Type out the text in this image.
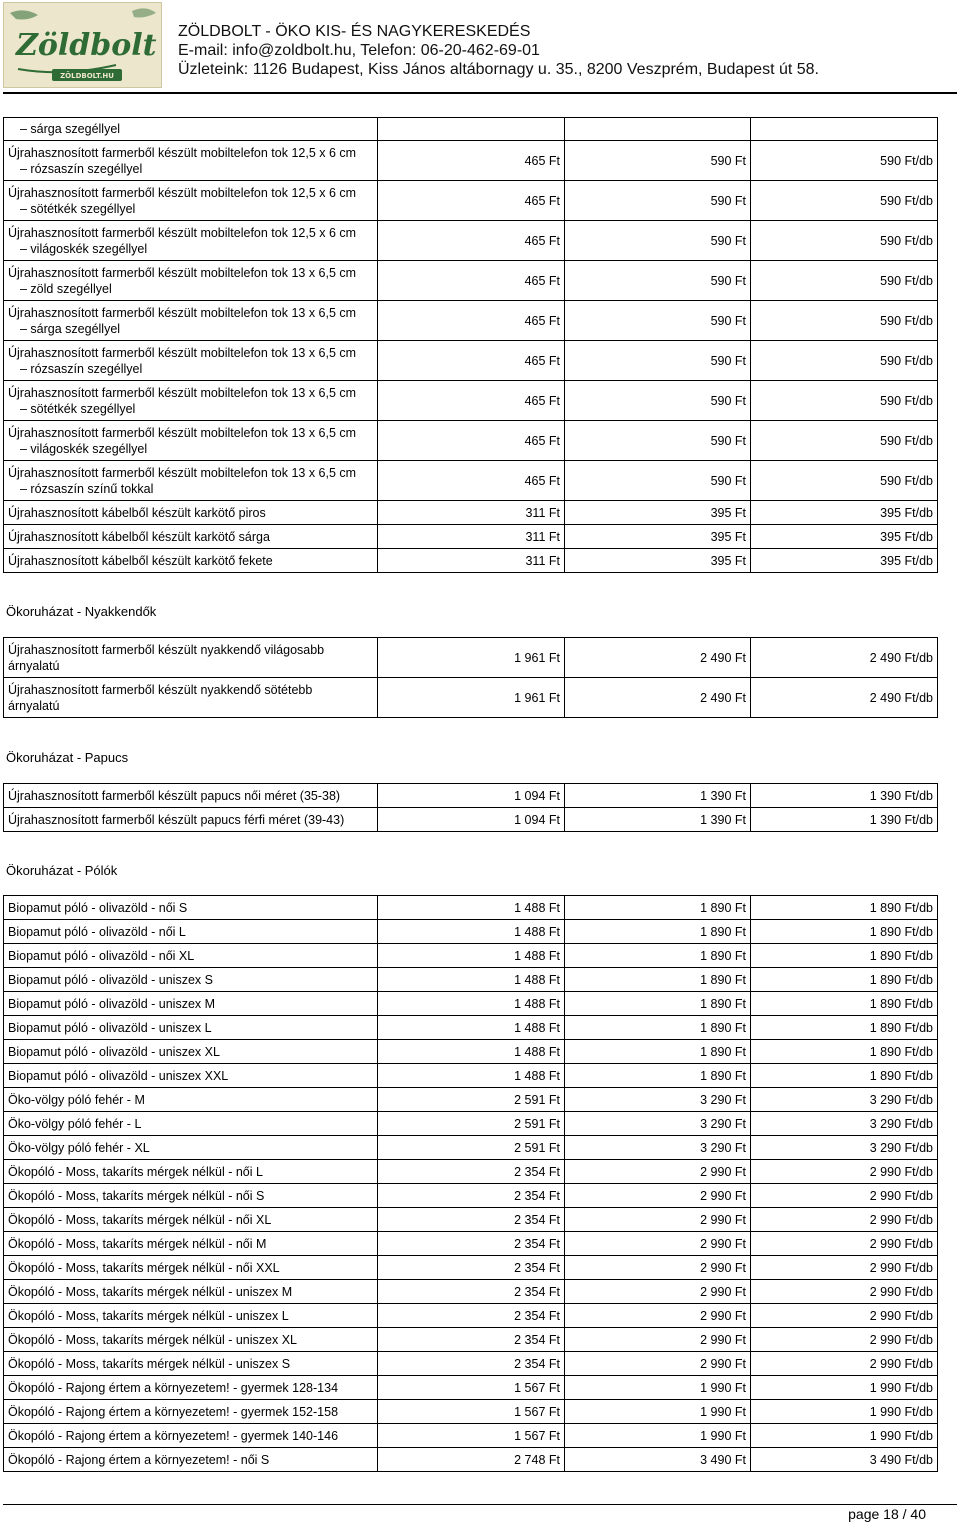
Zöldbolt
ZÖLDBOLT.HU
ZÖLDBOLT - ÖKO KIS- ÉS NAGYKERESKEDÉS
E-mail: info@zoldbolt.hu, Telefon: 06-20-462-69-01
Üzleteink: 1126 Budapest, Kiss János altábornagy u. 35., 8200 Veszprém, Budapest út 58.
– sárga szegéllyel			

Újrahasznosított farmerből készült mobiltelefon tok 12,5 x 6 cm
– rózsaszín szegéllyel	465 Ft	590 Ft	590 Ft/db

Újrahasznosított farmerből készült mobiltelefon tok 12,5 x 6 cm
– sötétkék szegéllyel	465 Ft	590 Ft	590 Ft/db

Újrahasznosított farmerből készült mobiltelefon tok 12,5 x 6 cm
– világoskék szegéllyel	465 Ft	590 Ft	590 Ft/db

Újrahasznosított farmerből készült mobiltelefon tok 13 x 6,5 cm
– zöld szegéllyel	465 Ft	590 Ft	590 Ft/db

Újrahasznosított farmerből készült mobiltelefon tok 13 x 6,5 cm
– sárga szegéllyel	465 Ft	590 Ft	590 Ft/db

Újrahasznosított farmerből készült mobiltelefon tok 13 x 6,5 cm
– rózsaszín szegéllyel	465 Ft	590 Ft	590 Ft/db

Újrahasznosított farmerből készült mobiltelefon tok 13 x 6,5 cm
– sötétkék szegéllyel	465 Ft	590 Ft	590 Ft/db

Újrahasznosított farmerből készült mobiltelefon tok 13 x 6,5 cm
– világoskék szegéllyel	465 Ft	590 Ft	590 Ft/db

Újrahasznosított farmerből készült mobiltelefon tok 13 x 6,5 cm
– rózsaszín színű tokkal	465 Ft	590 Ft	590 Ft/db

Újrahasznosított kábelből készült karkötő piros	311 Ft	395 Ft	395 Ft/db

Újrahasznosított kábelből készült karkötő sárga	311 Ft	395 Ft	395 Ft/db

Újrahasznosított kábelből készült karkötő fekete	311 Ft	395 Ft	395 Ft/db
Ökoruházat - Nyakkendők
Újrahasznosított farmerből készült nyakkendő világosabb
árnyalatú	1 961 Ft	2 490 Ft	2 490 Ft/db

Újrahasznosított farmerből készült nyakkendő sötétebb
árnyalatú	1 961 Ft	2 490 Ft	2 490 Ft/db
Ökoruházat - Papucs
Újrahasznosított farmerből készült papucs női méret (35-38)	1 094 Ft	1 390 Ft	1 390 Ft/db

Újrahasznosított farmerből készült papucs férfi méret (39-43)	1 094 Ft	1 390 Ft	1 390 Ft/db
Ökoruházat - Pólók
Biopamut póló - olivazöld - női S	1 488 Ft	1 890 Ft	1 890 Ft/db

Biopamut póló - olivazöld - női L	1 488 Ft	1 890 Ft	1 890 Ft/db

Biopamut póló - olivazöld - női XL	1 488 Ft	1 890 Ft	1 890 Ft/db

Biopamut póló - olivazöld - uniszex S	1 488 Ft	1 890 Ft	1 890 Ft/db

Biopamut póló - olivazöld - uniszex M	1 488 Ft	1 890 Ft	1 890 Ft/db

Biopamut póló - olivazöld - uniszex L	1 488 Ft	1 890 Ft	1 890 Ft/db

Biopamut póló - olivazöld - uniszex XL	1 488 Ft	1 890 Ft	1 890 Ft/db

Biopamut póló - olivazöld - uniszex XXL	1 488 Ft	1 890 Ft	1 890 Ft/db

Öko-völgy póló fehér - M	2 591 Ft	3 290 Ft	3 290 Ft/db

Öko-völgy póló fehér - L	2 591 Ft	3 290 Ft	3 290 Ft/db

Öko-völgy póló fehér - XL	2 591 Ft	3 290 Ft	3 290 Ft/db

Ökopóló - Moss, takaríts mérgek nélkül - női L	2 354 Ft	2 990 Ft	2 990 Ft/db

Ökopóló - Moss, takaríts mérgek nélkül - női S	2 354 Ft	2 990 Ft	2 990 Ft/db

Ökopóló - Moss, takaríts mérgek nélkül - női XL	2 354 Ft	2 990 Ft	2 990 Ft/db

Ökopóló - Moss, takaríts mérgek nélkül - női M	2 354 Ft	2 990 Ft	2 990 Ft/db

Ökopóló - Moss, takaríts mérgek nélkül - női XXL	2 354 Ft	2 990 Ft	2 990 Ft/db

Ökopóló - Moss, takaríts mérgek nélkül - uniszex M	2 354 Ft	2 990 Ft	2 990 Ft/db

Ökopóló - Moss, takaríts mérgek nélkül - uniszex L	2 354 Ft	2 990 Ft	2 990 Ft/db

Ökopóló - Moss, takaríts mérgek nélkül - uniszex XL	2 354 Ft	2 990 Ft	2 990 Ft/db

Ökopóló - Moss, takaríts mérgek nélkül - uniszex S	2 354 Ft	2 990 Ft	2 990 Ft/db

Ökopóló - Rajong értem a környezetem! - gyermek 128-134	1 567 Ft	1 990 Ft	1 990 Ft/db

Ökopóló - Rajong értem a környezetem! - gyermek 152-158	1 567 Ft	1 990 Ft	1 990 Ft/db

Ökopóló - Rajong értem a környezetem! - gyermek 140-146	1 567 Ft	1 990 Ft	1 990 Ft/db

Ökopóló - Rajong értem a környezetem! - női S	2 748 Ft	3 490 Ft	3 490 Ft/db
page 18 / 40
